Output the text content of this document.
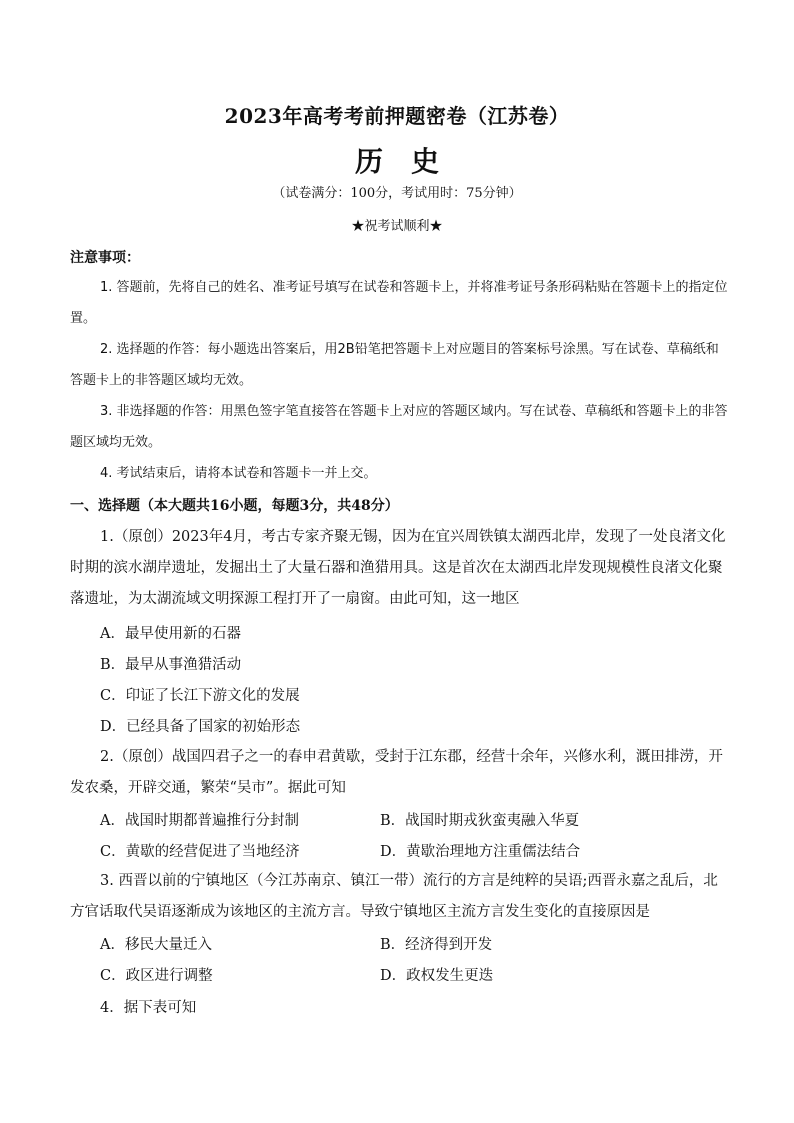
2023年高考考前押题密卷（江苏卷）
历史
（试卷满分：100分，考试用时：75分钟）
★祝考试顺利★
注意事项：

1. 答题前，先将自己的姓名、准考证号填写在试卷和答题卡上，并将准考证号条形码粘贴在答题卡上的指定位置。

2. 选择题的作答：每小题选出答案后，用2B铅笔把答题卡上对应题目的答案标号涂黑。写在试卷、草稿纸和答题卡上的非答题区域均无效。

3. 非选择题的作答：用黑色签字笔直接答在答题卡上对应的答题区域内。写在试卷、草稿纸和答题卡上的非答题区域均无效。

4. 考试结束后，请将本试卷和答题卡一并上交。

一、选择题（本大题共16小题，每题3分，共48分）

1.（原创）2023年4月，考古专家齐聚无锡，因为在宜兴周铁镇太湖西北岸，发现了一处良渚文化时期的滨水湖岸遗址，发掘出土了大量石器和渔猎用具。这是首次在太湖西北岸发现规模性良渚文化聚落遗址，为太湖流域文明探源工程打开了一扇窗。由此可知，这一地区

A．最早使用新的石器
B．最早从事渔猎活动
C．印证了长江下游文化的发展
D．已经具备了国家的初始形态

2.（原创）战国四君子之一的春申君黄歇，受封于江东郡，经营十余年，兴修水利，溉田排涝，开发农桑，开辟交通，繁荣“吴市”。据此可知

A．战国时期都普遍推行分封制	B．战国时期戎狄蛮夷融入华夏
C．黄歇的经营促进了当地经济	D．黄歇治理地方注重儒法结合

3. 西晋以前的宁镇地区（今江苏南京、镇江一带）流行的方言是纯粹的吴语;西晋永嘉之乱后，北方官话取代吴语逐渐成为该地区的主流方言。导致宁镇地区主流方言发生变化的直接原因是

A．移民大量迁入	B．经济得到开发
C．政区进行调整	D．政权发生更迭
4．据下表可知
